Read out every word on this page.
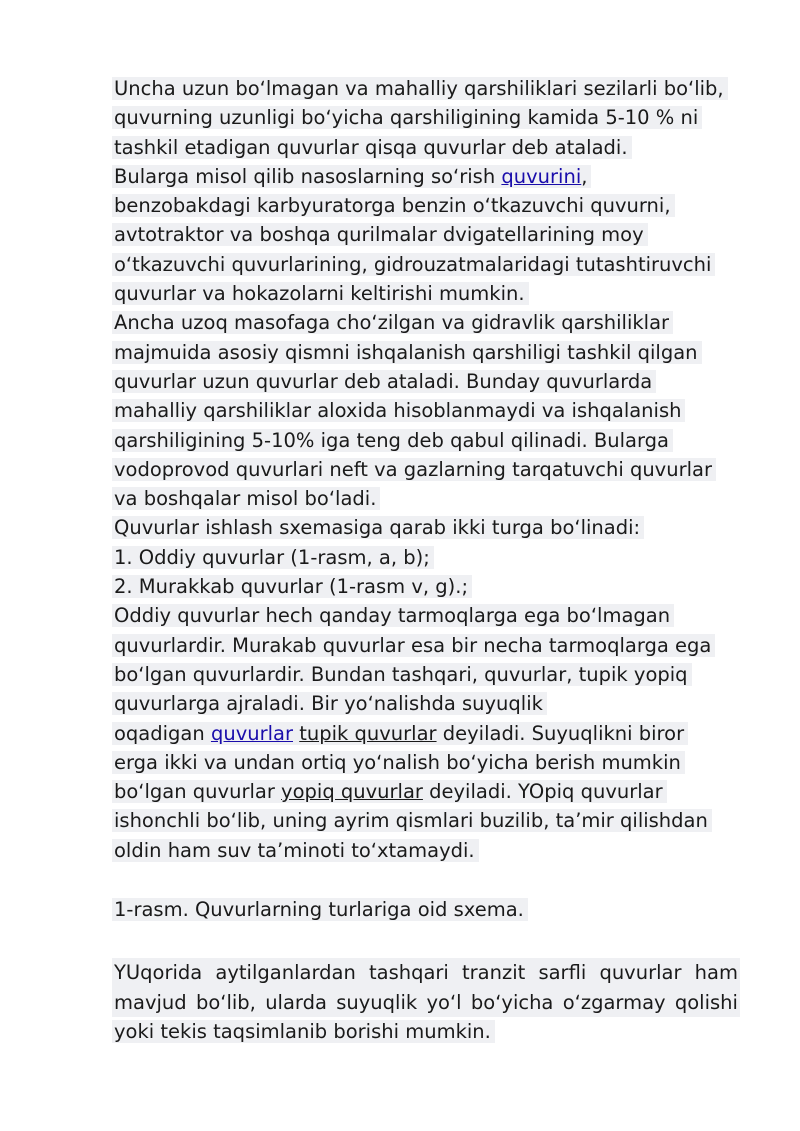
Uncha uzun boʻlmagan va mahalliy qarshiliklari sezilarli boʻlib,
quvurning uzunligi boʻyicha qarshiligining kamida 5-10 % ni
tashkil etadigan quvurlar qisqa quvurlar deb ataladi.
Bularga misol qilib nasoslarning soʻrish quvurini,
benzobakdagi karbyuratorga benzin oʻtkazuvchi quvurni,
avtotraktor va boshqa qurilmalar dvigatellarining moy
oʻtkazuvchi quvurlarining, gidrouzatmalaridagi tutashtiruvchi
quvurlar va hokazolarni keltirishi mumkin.
Ancha uzoq masofaga choʻzilgan va gidravlik qarshiliklar
majmuida asosiy qismni ishqalanish qarshiligi tashkil qilgan
quvurlar uzun quvurlar deb ataladi. Bunday quvurlarda
mahalliy qarshiliklar aloxida hisoblanmaydi va ishqalanish
qarshiligining 5-10% iga teng deb qabul qilinadi. Bularga
vodoprovod quvurlari neft va gazlarning tarqatuvchi quvurlar
va boshqalar misol boʻladi.
Quvurlar ishlash sxemasiga qarab ikki turga boʻlinadi:
1. Oddiy quvurlar (1-rasm, a, b);
2. Murakkab quvurlar (1-rasm v, g).;
Oddiy quvurlar hech qanday tarmoqlarga ega boʻlmagan
quvurlardir. Murakab quvurlar esa bir necha tarmoqlarga ega
boʻlgan quvurlardir. Bundan tashqari, quvurlar, tupik yopiq
quvurlarga ajraladi. Bir yoʻnalishda suyuqlik
oqadigan quvurlar tupik quvurlar deyiladi. Suyuqlikni biror
erga ikki va undan ortiq yoʻnalish boʻyicha berish mumkin
boʻlgan quvurlar yopiq quvurlar deyiladi. YOpiq quvurlar
ishonchli boʻlib, uning ayrim qismlari buzilib, taʼmir qilishdan
oldin ham suv taʼminoti toʻxtamaydi.
1-rasm. Quvurlarning turlariga oid sxema.
YUqorida aytilganlardan tashqari tranzit sarfli quvurlar ham
mavjud boʻlib, ularda suyuqlik yoʻl boʻyicha oʻzgarmay qolishi
yoki tekis taqsimlanib borishi mumkin.
